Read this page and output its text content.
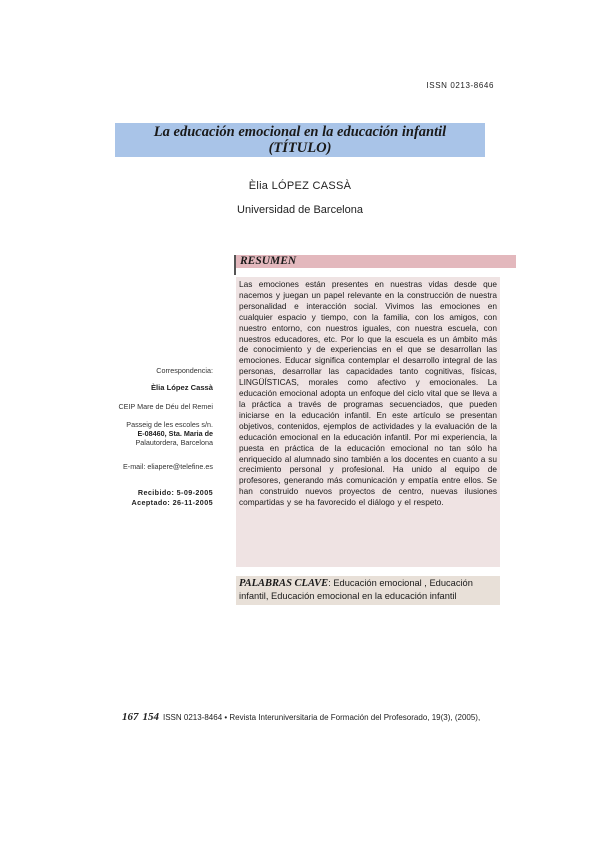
ISSN 0213-8646
La educación emocional en la educación infantil
(TÍTULO)
Èlia LÓPEZ CASSÀ
Universidad de Barcelona
RESUMEN
Las emociones están presentes en nuestras vidas desde que nacemos y juegan un papel relevante en la construcción de nuestra personalidad e interacción social. Vivimos las emociones en cualquier espacio y tiempo, con la familia, con los amigos, con nuestro entorno, con nuestros iguales, con nuestra escuela, con nuestros educadores, etc. Por lo que la escuela es un ámbito más de conocimiento y de experiencias en el que se desarrollan las emociones. Educar significa contemplar el desarrollo integral de las personas, desarrollar las capacidades tanto cognitivas, físicas, LINGÜÍSTICAS, morales como afectivo y emocionales. La educación emocional adopta un enfoque del ciclo vital que se lleva a la práctica a través de programas secuenciados, que pueden iniciarse en la educación infantil. En este artículo se presentan objetivos, contenidos, ejemplos de actividades y la evaluación de la educación emocional en la educación infantil. Por mi experiencia, la puesta en práctica de la educación emocional no tan sólo ha enriquecido al alumnado sino también a los docentes en cuanto a su crecimiento personal y profesional. Ha unido al equipo de profesores, generando más comunicación y empatía entre ellos. Se han construido nuevos proyectos de centro, nuevas ilusiones compartidas y se ha favorecido el diálogo y el respeto.
PALABRAS CLAVE: Educación emocional , Educación infantil, Educación emocional en la educación infantil
Correspondencia:
Èlia López Cassà
CEIP Mare de Déu del Remei
Passeig de les escoles s/n.
E-08460, Sta. Maria de
Palautordera, Barcelona
E-mail: eliapere@telefine.es
Recibido: 5-09-2005
Aceptado: 26-11-2005
167 154 ISSN 0213-8464 • Revista Interuniversitaria de Formación del Profesorado, 19(3), (2005),
